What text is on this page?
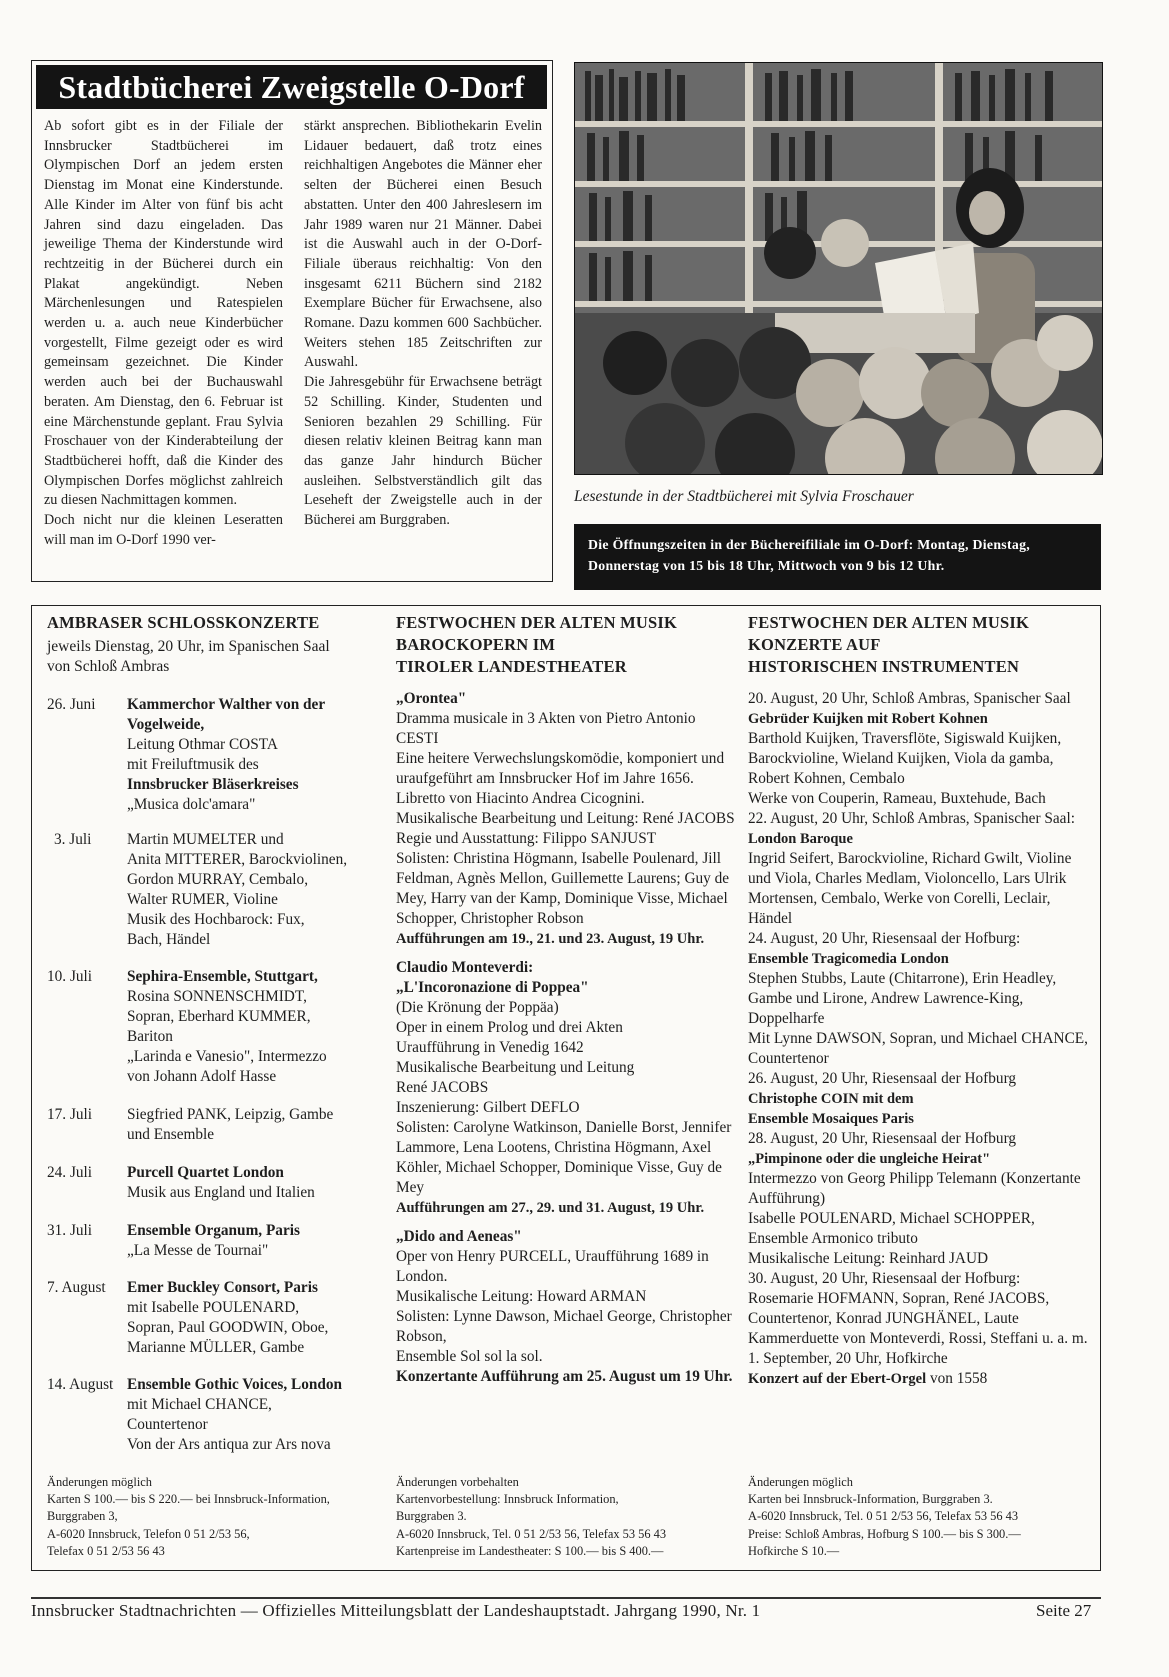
Stadtbücherei Zweigstelle O-Dorf
Ab sofort gibt es in der Filiale der Innsbrucker Stadtbücherei im Olympischen Dorf an jedem ersten Dienstag im Monat eine Kinderstunde. Alle Kinder im Alter von fünf bis acht Jahren sind dazu eingeladen. Das jeweilige Thema der Kinderstunde wird rechtzeitig in der Bücherei durch ein Plakat angekündigt. Neben Märchenlesungen und Ratespielen werden u. a. auch neue Kinderbücher vorgestellt, Filme gezeigt oder es wird gemeinsam gezeichnet. Die Kinder werden auch bei der Buchauswahl beraten. Am Dienstag, den 6. Februar ist eine Märchenstunde geplant. Frau Sylvia Froschauer von der Kinderabteilung der Stadtbücherei hofft, daß die Kinder des Olympischen Dorfes möglichst zahlreich zu diesen Nachmittagen kommen.
Doch nicht nur die kleinen Leseratten will man im O-Dorf 1990 ver-
stärkt ansprechen. Bibliothekarin Evelin Lidauer bedauert, daß trotz eines reichhaltigen Angebotes die Männer eher selten der Bücherei einen Besuch abstatten. Unter den 400 Jahreslesern im Jahr 1989 waren nur 21 Männer. Dabei ist die Auswahl auch in der O-Dorf-Filiale überaus reichhaltig: Von den insgesamt 6211 Büchern sind 2182 Exemplare Bücher für Erwachsene, also Romane. Dazu kommen 600 Sachbücher. Weiters stehen 185 Zeitschriften zur Auswahl.
Die Jahresgebühr für Erwachsene beträgt 52 Schilling. Kinder, Studenten und Senioren bezahlen 29 Schilling. Für diesen relativ kleinen Beitrag kann man das ganze Jahr hindurch Bücher ausleihen. Selbstverständlich gilt das Leseheft der Zweigstelle auch in der Bücherei am Burggraben.
Lesestunde in der Stadtbücherei mit Sylvia Froschauer
Die Öffnungszeiten in der Büchereifiliale im O-Dorf: Montag, Dienstag, Donnerstag von 15 bis 18 Uhr, Mittwoch von 9 bis 12 Uhr.
AMBRASER SCHLOSSKONZERTE
jeweils Dienstag, 20 Uhr, im Spanischen Saal
von Schloß Ambras
26. Juni Kammerchor Walther von der
Vogelweide,
Leitung Othmar COSTA
mit Freiluftmusik des
Innsbrucker Bläserkreises
„Musica dolc'amara"
3. Juli Martin MUMELTER und
Anita MITTERER, Barockviolinen,
Gordon MURRAY, Cembalo,
Walter RUMER, Violine
Musik des Hochbarock: Fux,
Bach, Händel
10. Juli Sephira-Ensemble, Stuttgart,
Rosina SONNENSCHMIDT,
Sopran, Eberhard KUMMER,
Bariton
„Larinda e Vanesio", Intermezzo
von Johann Adolf Hasse
17. Juli Siegfried PANK, Leipzig, Gambe
und Ensemble
24. Juli Purcell Quartet London
Musik aus England und Italien
31. Juli Ensemble Organum, Paris
„La Messe de Tournai"
7. August Emer Buckley Consort, Paris
mit Isabelle POULENARD,
Sopran, Paul GOODWIN, Oboe,
Marianne MÜLLER, Gambe
14. August Ensemble Gothic Voices, London
mit Michael CHANCE,
Countertenor
Von der Ars antiqua zur Ars nova
Änderungen möglich
Karten S 100.— bis S 220.— bei Innsbruck-Information,
Burggraben 3,
A-6020 Innsbruck, Telefon 0 51 2/53 56,
Telefax 0 51 2/53 56 43
FESTWOCHEN DER ALTEN MUSIK
BAROCKOPERN IM
TIROLER LANDESTHEATER
„Orontea"
Dramma musicale in 3 Akten von Pietro Antonio CESTI
Eine heitere Verwechslungskomödie, komponiert und uraufgeführt am Innsbrucker Hof im Jahre 1656.
Libretto von Hiacinto Andrea Cicognini.
Musikalische Bearbeitung und Leitung: René JACOBS
Regie und Ausstattung: Filippo SANJUST
Solisten: Christina Högmann, Isabelle Poulenard, Jill Feldman, Agnès Mellon, Guillemette Laurens; Guy de Mey, Harry van der Kamp, Dominique Visse, Michael Schopper, Christopher Robson
Aufführungen am 19., 21. und 23. August, 19 Uhr.
Claudio Monteverdi:
„L'Incoronazione di Poppea"
(Die Krönung der Poppäa)
Oper in einem Prolog und drei Akten
Uraufführung in Venedig 1642
Musikalische Bearbeitung und Leitung
René JACOBS
Inszenierung: Gilbert DEFLO
Solisten: Carolyne Watkinson, Danielle Borst, Jennifer Lammore, Lena Lootens, Christina Högmann, Axel Köhler, Michael Schopper, Dominique Visse, Guy de Mey
Aufführungen am 27., 29. und 31. August, 19 Uhr.
„Dido and Aeneas"
Oper von Henry PURCELL, Uraufführung 1689 in London.
Musikalische Leitung: Howard ARMAN
Solisten: Lynne Dawson, Michael George, Christopher Robson,
Ensemble Sol sol la sol.
Konzertante Aufführung am 25. August um 19 Uhr.
Änderungen vorbehalten
Kartenvorbestellung: Innsbruck Information,
Burggraben 3.
A-6020 Innsbruck, Tel. 0 51 2/53 56, Telefax 53 56 43
Kartenpreise im Landestheater: S 100.— bis S 400.—
FESTWOCHEN DER ALTEN MUSIK
KONZERTE AUF
HISTORISCHEN INSTRUMENTEN
20. August, 20 Uhr, Schloß Ambras, Spanischer Saal
Gebrüder Kuijken mit Robert Kohnen
Barthold Kuijken, Traversflöte, Sigiswald Kuijken, Barockvioline, Wieland Kuijken, Viola da gamba, Robert Kohnen, Cembalo
Werke von Couperin, Rameau, Buxtehude, Bach
22. August, 20 Uhr, Schloß Ambras, Spanischer Saal:
London Baroque
Ingrid Seifert, Barockvioline, Richard Gwilt, Violine und Viola, Charles Medlam, Violoncello, Lars Ulrik Mortensen, Cembalo, Werke von Corelli, Leclair, Händel
24. August, 20 Uhr, Riesensaal der Hofburg:
Ensemble Tragicomedia London
Stephen Stubbs, Laute (Chitarrone), Erin Headley, Gambe und Lirone, Andrew Lawrence-King, Doppelharfe
Mit Lynne DAWSON, Sopran, und Michael CHANCE, Countertenor
26. August, 20 Uhr, Riesensaal der Hofburg
Christophe COIN mit dem
Ensemble Mosaiques Paris
28. August, 20 Uhr, Riesensaal der Hofburg
„Pimpinone oder die ungleiche Heirat"
Intermezzo von Georg Philipp Telemann (Konzertante Aufführung)
Isabelle POULENARD, Michael SCHOPPER, Ensemble Armonico tributo
Musikalische Leitung: Reinhard JAUD
30. August, 20 Uhr, Riesensaal der Hofburg:
Rosemarie HOFMANN, Sopran, René JACOBS, Countertenor, Konrad JUNGHÄNEL, Laute
Kammerduette von Monteverdi, Rossi, Steffani u. a. m.
1. September, 20 Uhr, Hofkirche
Konzert auf der Ebert-Orgel von 1558
Änderungen möglich
Karten bei Innsbruck-Information, Burggraben 3.
A-6020 Innsbruck, Tel. 0 51 2/53 56, Telefax 53 56 43
Preise: Schloß Ambras, Hofburg S 100.— bis S 300.—
Hofkirche S 10.—
Innsbrucker Stadtnachrichten — Offizielles Mitteilungsblatt der Landeshauptstadt. Jahrgang 1990, Nr. 1	Seite 27
